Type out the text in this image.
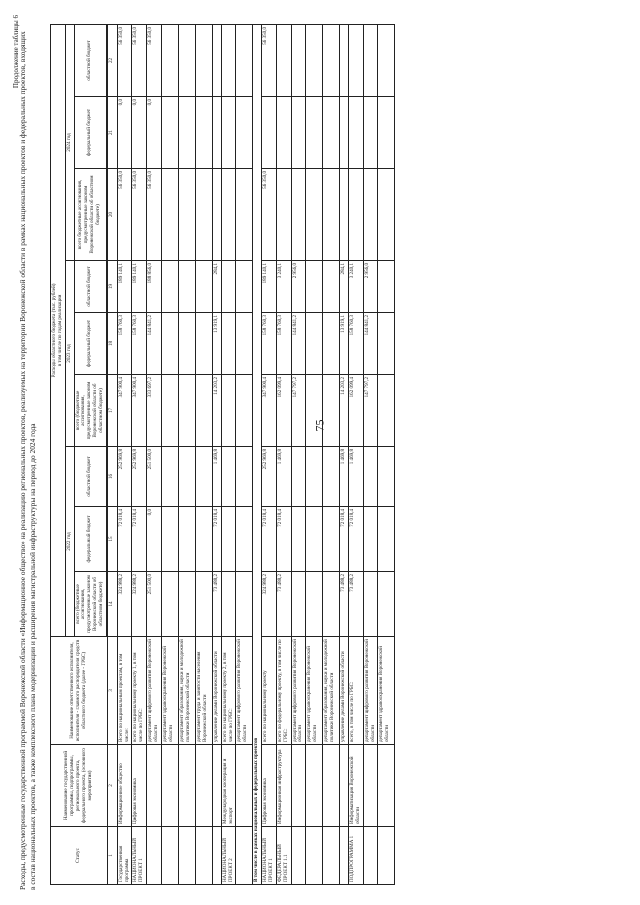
75
Продолжение таблицы 6
Расходы, предусмотренные государственной программой Воронежской области «Информационное общество» на реализацию региональных проектов, реализуемых на территории Воронежской области в рамках национальных проектов и федеральных проектов, входящих в состав национальных проектов, а также комплексного плана модернизации и расширения магистральной инфраструктуры на период до 2024 года	Статус	Наименование государственной программы, подпрограммы, регионального проекта, федерального проекта, (основного мероприятия)	Наименование ответственного исполнителя, исполнителя - главного распорядителя средств областного бюджета (далее - ГРБС)	Расходы областного бюджета (тыс. рублей) в том числе по годам реализации								

			2022 год			2023 год			2024 год		
			всего (бюджетные ассигнования, предусмотренные законом Воронежской области об областном бюджете)	федеральный бюджет	областной бюджет	всего (бюджетные ассигнования, предусмотренные законом Воронежской области об областном бюджете)	федеральный бюджет	областной бюджет	всего бюджетные ассигнования, предусмотренные законом Воронежской области об областном бюджете)	федеральный бюджет	областной бюджет

1	2	3	14	15	16	17	18	19	20	21	22
Государственная программа	Информационное общество	Всего по национальным проектам, в том числе:	324 988,2	72 018,4	252 969,8	347 900,4	158 760,3	189 140,1	56 350,0	0,0	56 350,0
НАЦИОНАЛЬНЫЙ ПРОЕКТ 1	Цифровая экономика	всего по национальному проекту 1, в том числе по ГРБС:	324 988,2	72 018,4	252 969,8	347 900,4	158 760,3	189 140,1	56 350,0	0,0	56 350,0
		департамент цифрового развития Воронежской области	251 500,0	0,0	251 500,0	333 697,2	144 841,2	188 856,0	56 350,0	0,0	56 350,0
		департамент здравоохранения Воронежской области									
		департамент образования, науки и молодежной политики Воронежской области									
		департамент труда и занятости населения Воронежской области									
		управление делами Воронежской области	73 488,2	72 018,4	1 469,8	14 203,2	13 919,1	284,1			
НАЦИОНАЛЬНЫЙ ПРОЕКТ 2	Международная кооперация и экспорт	всего по национальному проекту 2, в том числе по ГРБС:									
		департамент цифрового развития Воронежской области									
В том числе в рамках национальных и федеральных проектов											
НАЦИОНАЛЬНЫЙ ПРОЕКТ 1	Цифровая экономика	всего по национальному проекту	324 988,2	72 018,4	252 969,8	347 900,4	158 760,3	189 140,1	56 350,0		56 350,0
ФЕДЕРАЛЬНЫЙ ПРОЕКТ 1.1	Информационная инфраструктура	всего по федеральному проекту, в том числе по ГРБС:	73 488,2	72 018,4	1 469,8	162 099,4	158 760,3	3 240,1			
		департамент цифрового развития Воронежской области				147 797,2	144 841,2	2 956,0			
		департамент здравоохранения Воронежской области									
		департамент образования, науки и молодежной политики Воронежской области									
		управление делами Воронежской области	73 488,2	72 018,4	1 469,8	14 203,2	13 919,1	284,1			
ПОДПРОГРАММА 1	Информатизация Воронежской области	всего, в том числе по ГРБС:	73 488,2	72 018,4	1 469,8	162 099,4	158 760,3	3 240,1			
		департамент цифрового развития Воронежской области				147 797,2	144 841,2	2 956,0			
		департамент здравоохранения Воронежской области									
